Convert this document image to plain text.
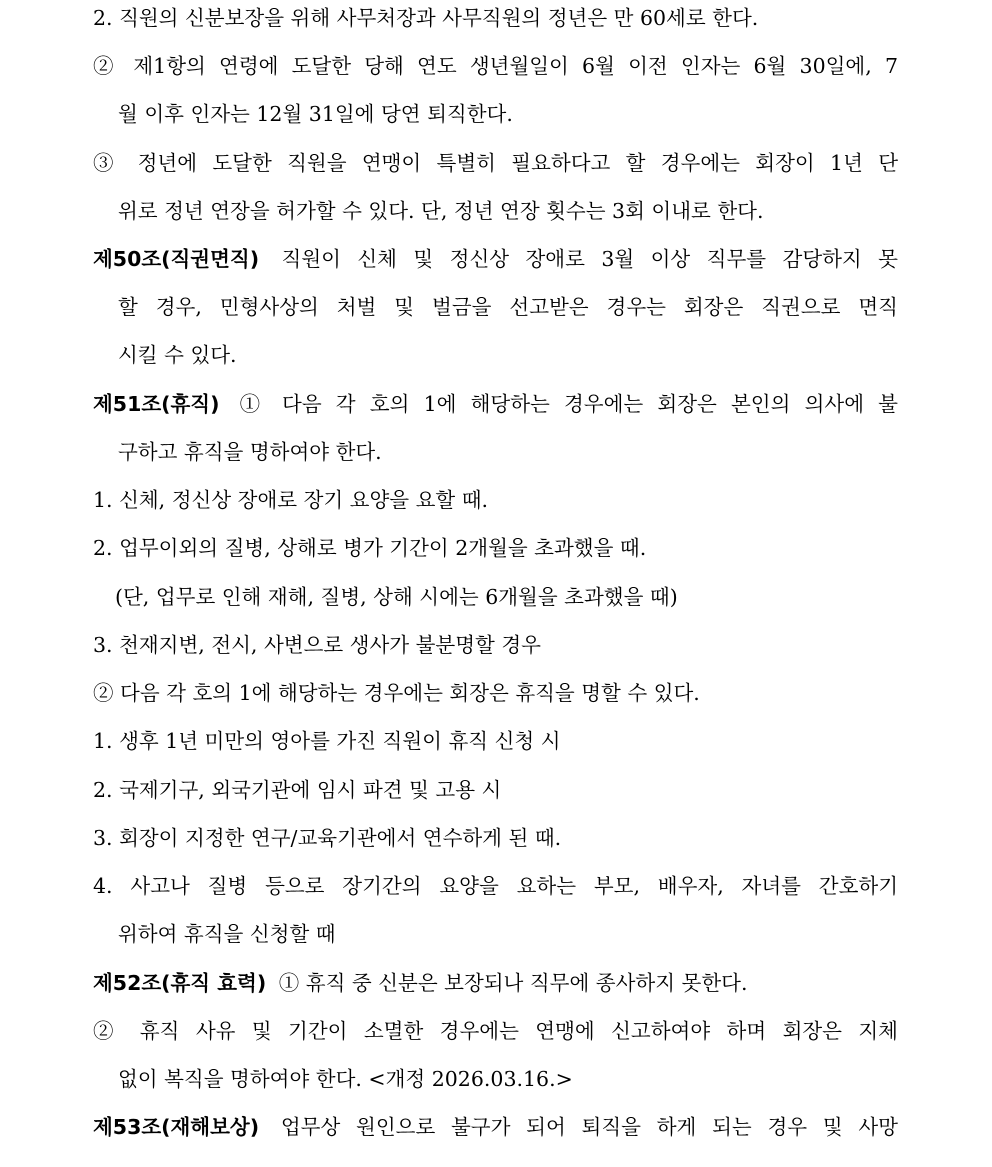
2. 직원의 신분보장을 위해 사무처장과 사무직원의 정년은 만 60세로 한다.
② 제1항의 연령에 도달한 당해 연도 생년월일이 6월 이전 인자는 6월 30일에, 7
월 이후 인자는 12월 31일에 당연 퇴직한다.
③ 정년에 도달한 직원을 연맹이 특별히 필요하다고 할 경우에는 회장이 1년 단
위로 정년 연장을 허가할 수 있다. 단, 정년 연장 횟수는 3회 이내로 한다.
제50조(직권면직) 직원이 신체 및 정신상 장애로 3월 이상 직무를 감당하지 못
할 경우, 민형사상의 처벌 및 벌금을 선고받은 경우는 회장은 직권으로 면직
시킬 수 있다.
제51조(휴직) ① 다음 각 호의 1에 해당하는 경우에는 회장은 본인의 의사에 불
구하고 휴직을 명하여야 한다.
1. 신체, 정신상 장애로 장기 요양을 요할 때.
2. 업무이외의 질병, 상해로 병가 기간이 2개월을 초과했을 때.
(단, 업무로 인해 재해, 질병, 상해 시에는 6개월을 초과했을 때)
3. 천재지변, 전시, 사변으로 생사가 불분명할 경우
② 다음 각 호의 1에 해당하는 경우에는 회장은 휴직을 명할 수 있다.
1. 생후 1년 미만의 영아를 가진 직원이 휴직 신청 시
2. 국제기구, 외국기관에 임시 파견 및 고용 시
3. 회장이 지정한 연구/교육기관에서 연수하게 된 때.
4. 사고나 질병 등으로 장기간의 요양을 요하는 부모, 배우자, 자녀를 간호하기
위하여 휴직을 신청할 때
제52조(휴직 효력) ① 휴직 중 신분은 보장되나 직무에 종사하지 못한다.
② 휴직 사유 및 기간이 소멸한 경우에는 연맹에 신고하여야 하며 회장은 지체
없이 복직을 명하여야 한다. <개정 2026.03.16.>
제53조(재해보상) 업무상 원인으로 불구가 되어 퇴직을 하게 되는 경우 및 사망
